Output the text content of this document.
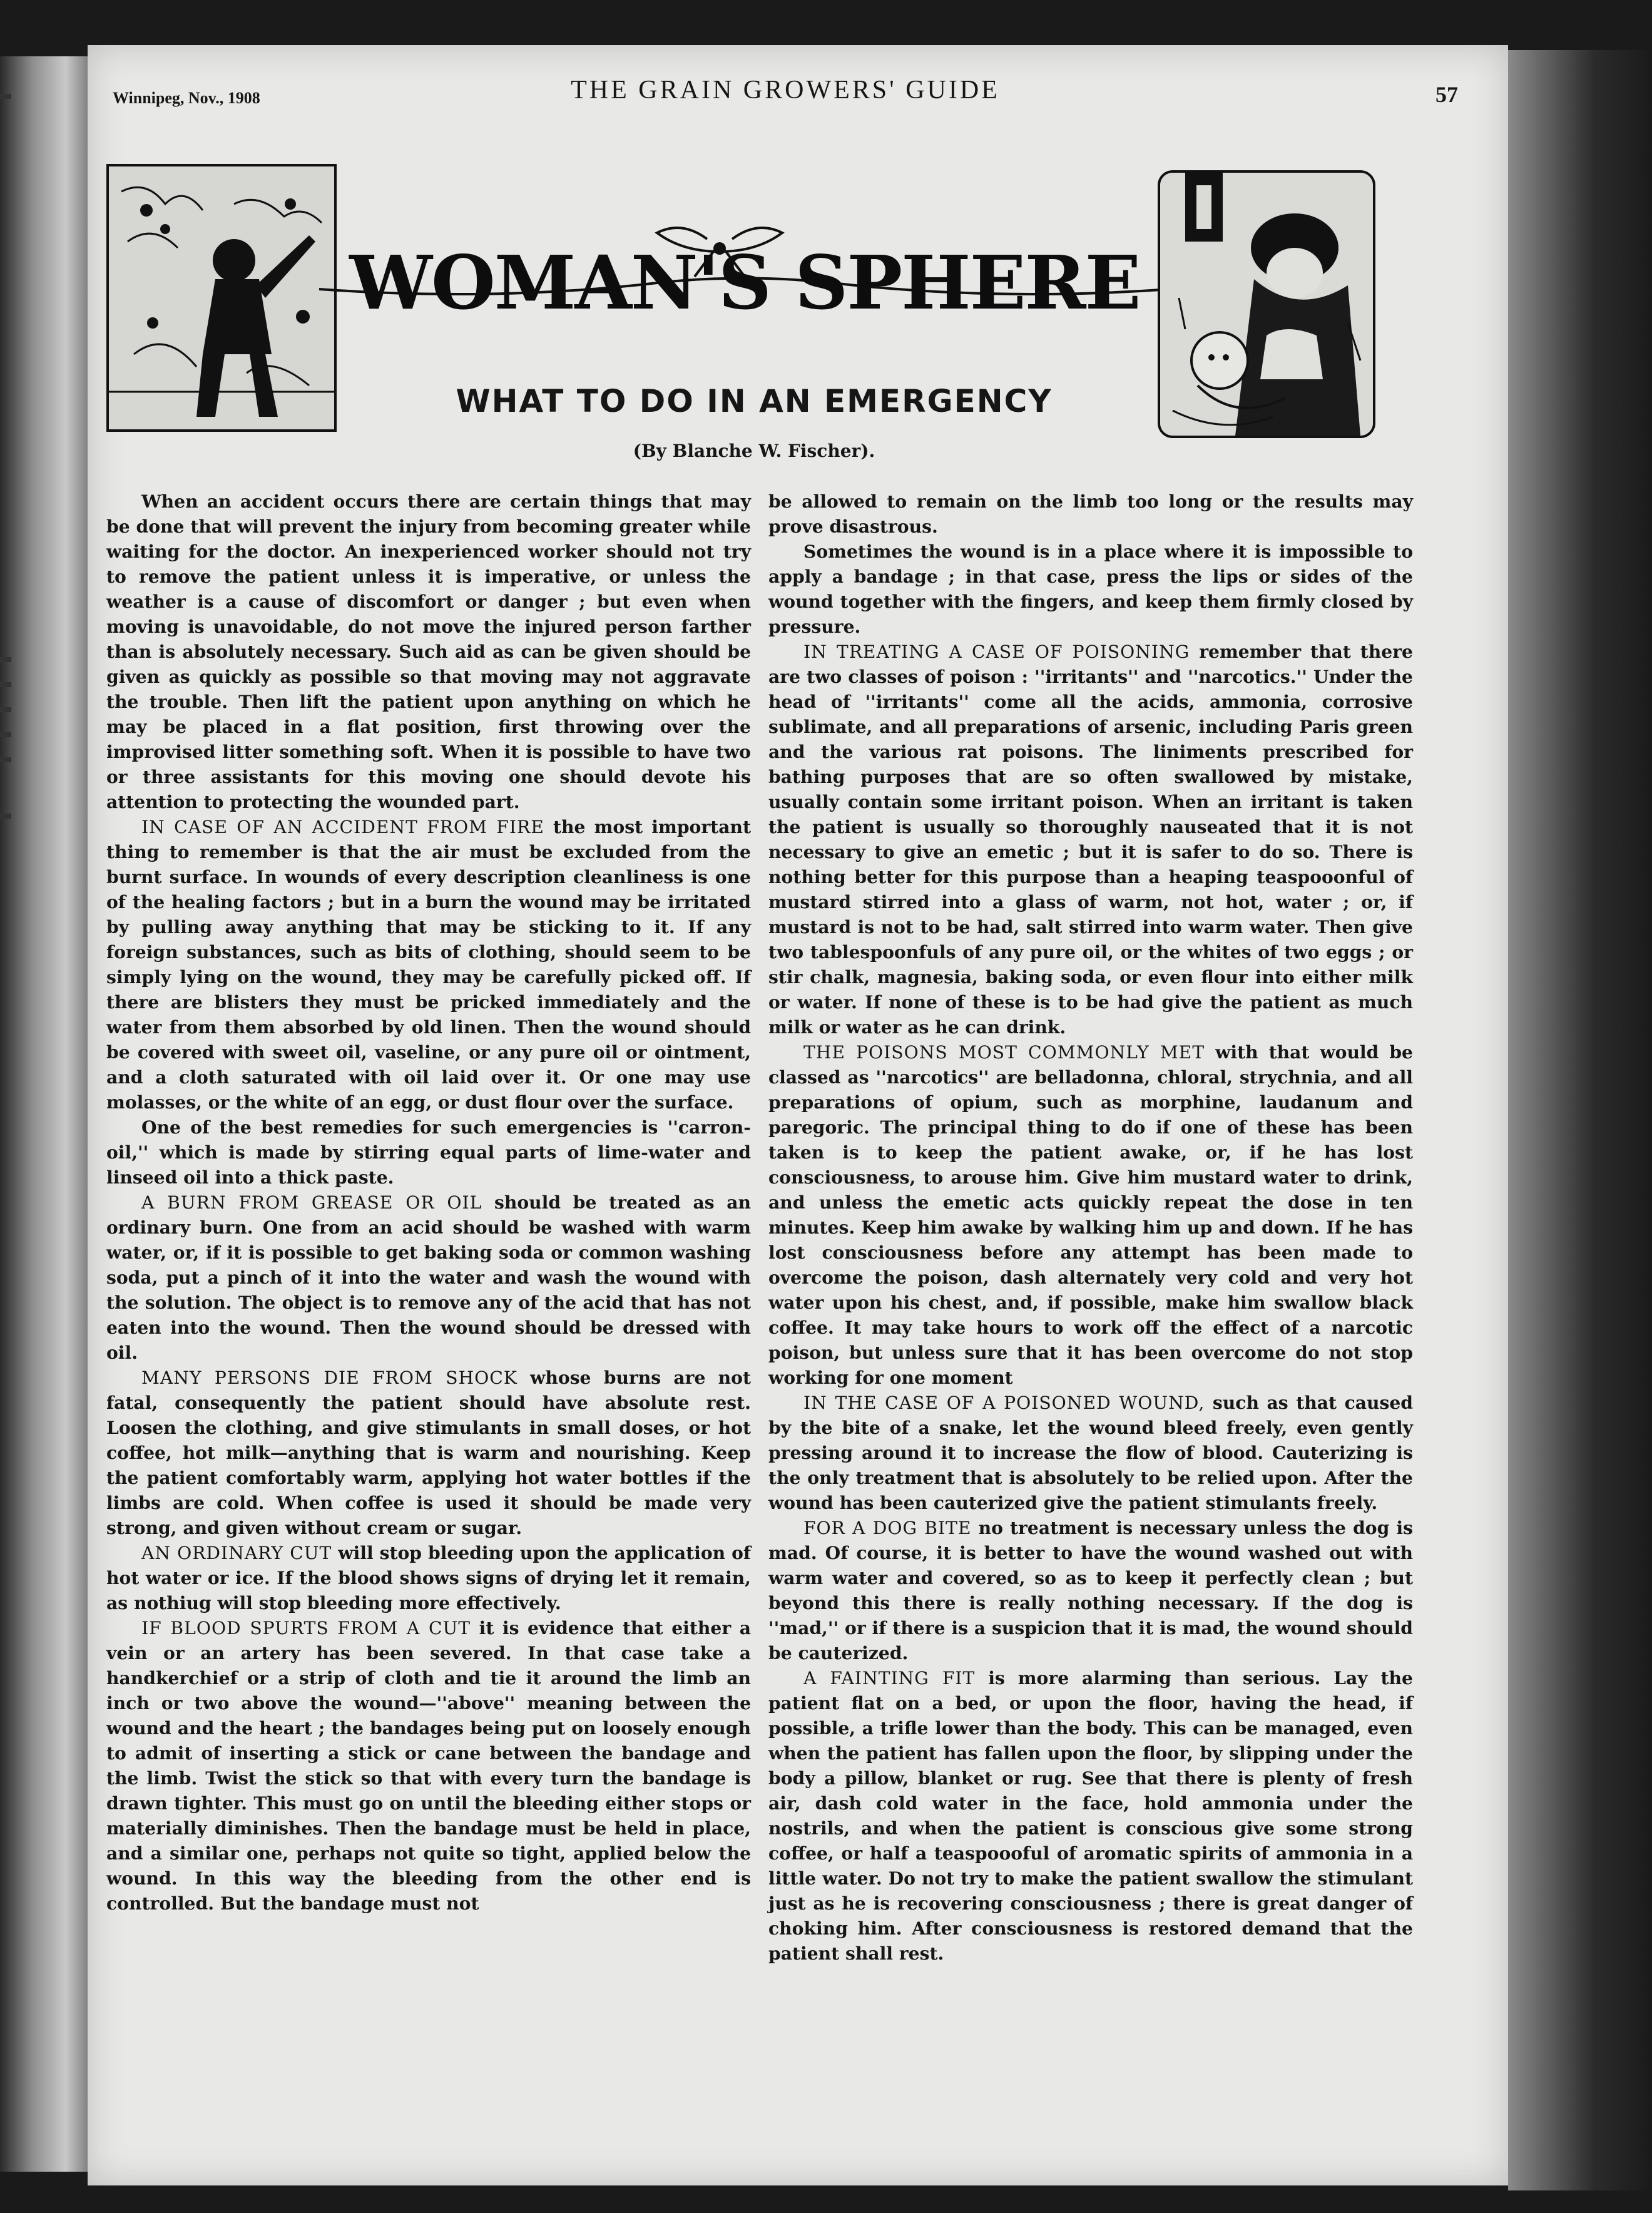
Winnipeg, Nov., 1908	THE GRAIN GROWERS' GUIDE	57
WOMAN'S SPHERE
WHAT TO DO IN AN EMERGENCY
(By Blanche W. Fischer).

When an accident occurs there are certain things that may be done that will prevent the injury from becoming greater while waiting for the doctor. An inexperienced worker should not try to remove the patient unless it is imperative, or unless the weather is a cause of discomfort or danger ; but even when moving is unavoidable, do not move the injured person farther than is absolutely necessary. Such aid as can be given should be given as quickly as possible so that moving may not aggravate the trouble. Then lift the patient upon anything on which he may be placed in a flat position, first throwing over the improvised litter something soft. When it is possible to have two or three assistants for this moving one should devote his attention to protecting the wounded part.

IN CASE OF AN ACCIDENT FROM FIRE the most important thing to remember is that the air must be excluded from the burnt surface. In wounds of every description cleanliness is one of the healing factors ; but in a burn the wound may be irritated by pulling away anything that may be sticking to it. If any foreign substances, such as bits of clothing, should seem to be simply lying on the wound, they may be carefully picked off. If there are blisters they must be pricked immediately and the water from them absorbed by old linen. Then the wound should be covered with sweet oil, vaseline, or any pure oil or ointment, and a cloth saturated with oil laid over it. Or one may use molasses, or the white of an egg, or dust flour over the surface.

One of the best remedies for such emergencies is ''carron-oil,'' which is made by stirring equal parts of lime-water and linseed oil into a thick paste.

A BURN FROM GREASE OR OIL should be treated as an ordinary burn. One from an acid should be washed with warm water, or, if it is possible to get baking soda or common washing soda, put a pinch of it into the water and wash the wound with the solution. The object is to remove any of the acid that has not eaten into the wound. Then the wound should be dressed with oil.

MANY PERSONS DIE FROM SHOCK whose burns are not fatal, consequently the patient should have absolute rest. Loosen the clothing, and give stimulants in small doses, or hot coffee, hot milk—anything that is warm and nourishing. Keep the patient comfortably warm, applying hot water bottles if the limbs are cold. When coffee is used it should be made very strong, and given without cream or sugar.

AN ORDINARY CUT will stop bleeding upon the application of hot water or ice. If the blood shows signs of drying let it remain, as nothiug will stop bleeding more effectively.

IF BLOOD SPURTS FROM A CUT it is evidence that either a vein or an artery has been severed. In that case take a handkerchief or a strip of cloth and tie it around the limb an inch or two above the wound—''above'' meaning between the wound and the heart ; the bandages being put on loosely enough to admit of inserting a stick or cane between the bandage and the limb. Twist the stick so that with every turn the bandage is drawn tighter. This must go on until the bleeding either stops or materially diminishes. Then the bandage must be held in place, and a similar one, perhaps not quite so tight, applied below the wound. In this way the bleeding from the other end is controlled. But the bandage must not

be allowed to remain on the limb too long or the results may prove disastrous.

Sometimes the wound is in a place where it is impossible to apply a bandage ; in that case, press the lips or sides of the wound together with the fingers, and keep them firmly closed by pressure.

IN TREATING A CASE OF POISONING remember that there are two classes of poison : ''irritants'' and ''narcotics.'' Under the head of ''irritants'' come all the acids, ammonia, corrosive sublimate, and all preparations of arsenic, including Paris green and the various rat poisons. The liniments prescribed for bathing purposes that are so often swallowed by mistake, usually contain some irritant poison. When an irritant is taken the patient is usually so thoroughly nauseated that it is not necessary to give an emetic ; but it is safer to do so. There is nothing better for this purpose than a heaping teaspooonful of mustard stirred into a glass of warm, not hot, water ; or, if mustard is not to be had, salt stirred into warm water. Then give two tablespoonfuls of any pure oil, or the whites of two eggs ; or stir chalk, magnesia, baking soda, or even flour into either milk or water. If none of these is to be had give the patient as much milk or water as he can drink.

THE POISONS MOST COMMONLY MET with that would be classed as ''narcotics'' are belladonna, chloral, strychnia, and all preparations of opium, such as morphine, laudanum and paregoric. The principal thing to do if one of these has been taken is to keep the patient awake, or, if he has lost consciousness, to arouse him. Give him mustard water to drink, and unless the emetic acts quickly repeat the dose in ten minutes. Keep him awake by walking him up and down. If he has lost consciousness before any attempt has been made to overcome the poison, dash alternately very cold and very hot water upon his chest, and, if possible, make him swallow black coffee. It may take hours to work off the effect of a narcotic poison, but unless sure that it has been overcome do not stop working for one moment

IN THE CASE OF A POISONED WOUND, such as that caused by the bite of a snake, let the wound bleed freely, even gently pressing around it to increase the flow of blood. Cauterizing is the only treatment that is absolutely to be relied upon. After the wound has been cauterized give the patient stimulants freely.

FOR A DOG BITE no treatment is necessary unless the dog is mad. Of course, it is better to have the wound washed out with warm water and covered, so as to keep it perfectly clean ; but beyond this there is really nothing necessary. If the dog is ''mad,'' or if there is a suspicion that it is mad, the wound should be cauterized.

A FAINTING FIT is more alarming than serious. Lay the patient flat on a bed, or upon the floor, having the head, if possible, a trifle lower than the body. This can be managed, even when the patient has fallen upon the floor, by slipping under the body a pillow, blanket or rug. See that there is plenty of fresh air, dash cold water in the face, hold ammonia under the nostrils, and when the patient is conscious give some strong coffee, or half a teaspoooful of aromatic spirits of ammonia in a little water. Do not try to make the patient swallow the stimulant just as he is recovering consciousness ; there is great danger of choking him. After consciousness is restored demand that the patient shall rest.
